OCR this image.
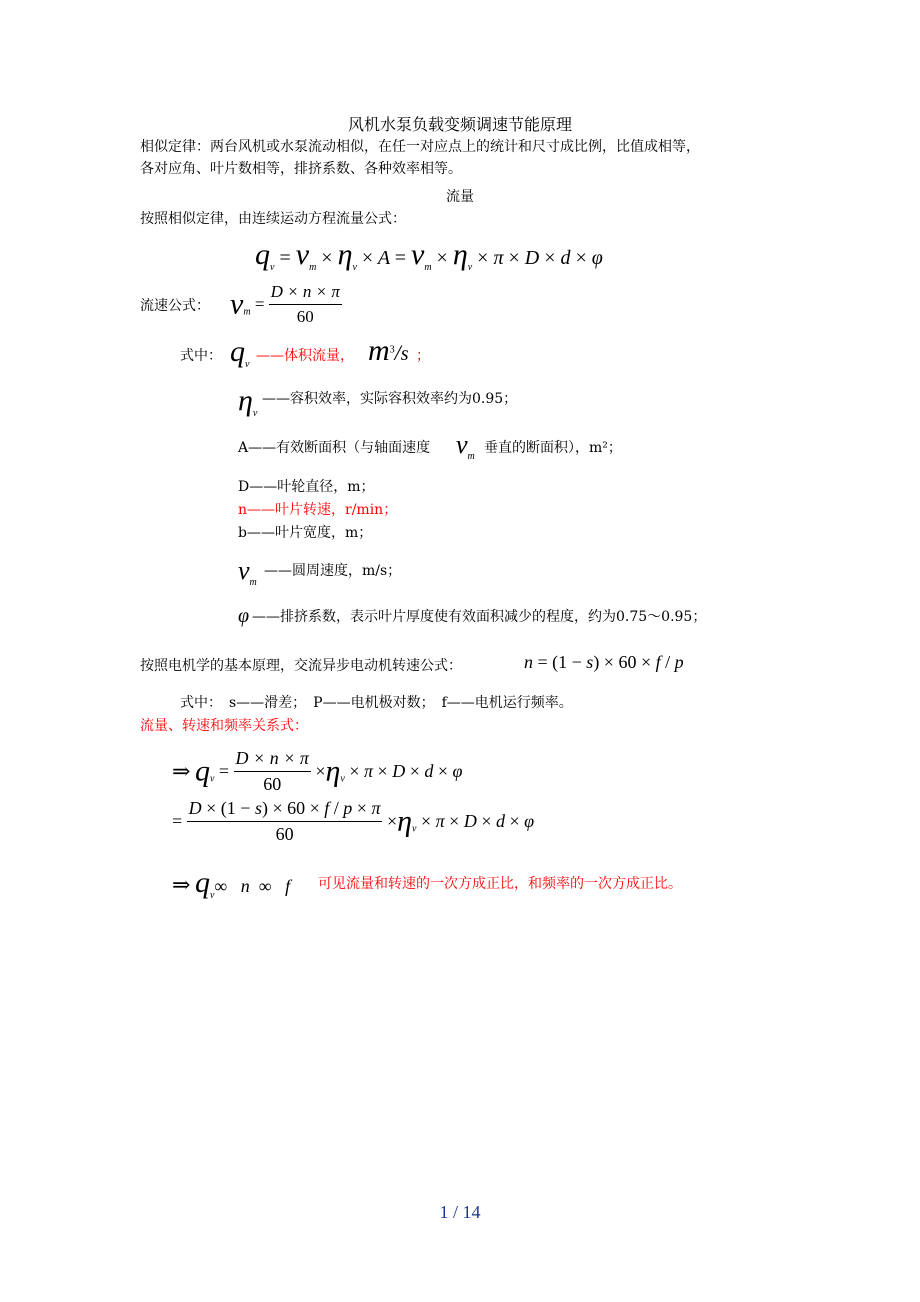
风机水泵负载变频调速节能原理
相似定律：两台风机或水泵流动相似，在任一对应点上的统计和尺寸成比例，比值成相等，
各对应角、叶片数相等，排挤系数、各种效率相等。
流量
按照相似定律，由连续运动方程流量公式：
$q_v = v_m \times \eta_v \times A = v_m \times \eta_v \times \pi \times D \times d \times \varphi$
流速公式： $v_m = \frac{D \times n \times \pi}{60}$
式中： $q_v$
——体积流量， $m^3/s$ ；
$\eta_v$
——容积效率，实际容积效率约为0.95；
A——有效断面积（与轴面速度 $v_m$
垂直的断面积），m²；
D——叶轮直径，m；
n——叶片转速，r/min；
b——叶片宽度，m；
$v_m$
——圆周速度，m/s；
φ ——排挤系数，表示叶片厚度使有效面积减少的程度，约为0.75～0.95；
按照电机学的基本原理，交流异步电动机转速公式：	n = (1 − s) × 60 × f / p
式中：　s——滑差；　P——电机极对数；　f——电机运行频率。
流量、转速和频率关系式：
⇒ $q_v = \frac{D \times n \times \pi}{60} \times\eta_v \times \pi \times D \times d \times \varphi$
= $\frac{D \times (1 - s) \times 60 \times f / p \times \pi}{60} \times\eta_v \times \pi \times D \times d \times \varphi$
⇒ $q_v\infty$   n  ∞   f 可见流量和转速的一次方成正比，和频率的一次方成正比。
1 / 14
